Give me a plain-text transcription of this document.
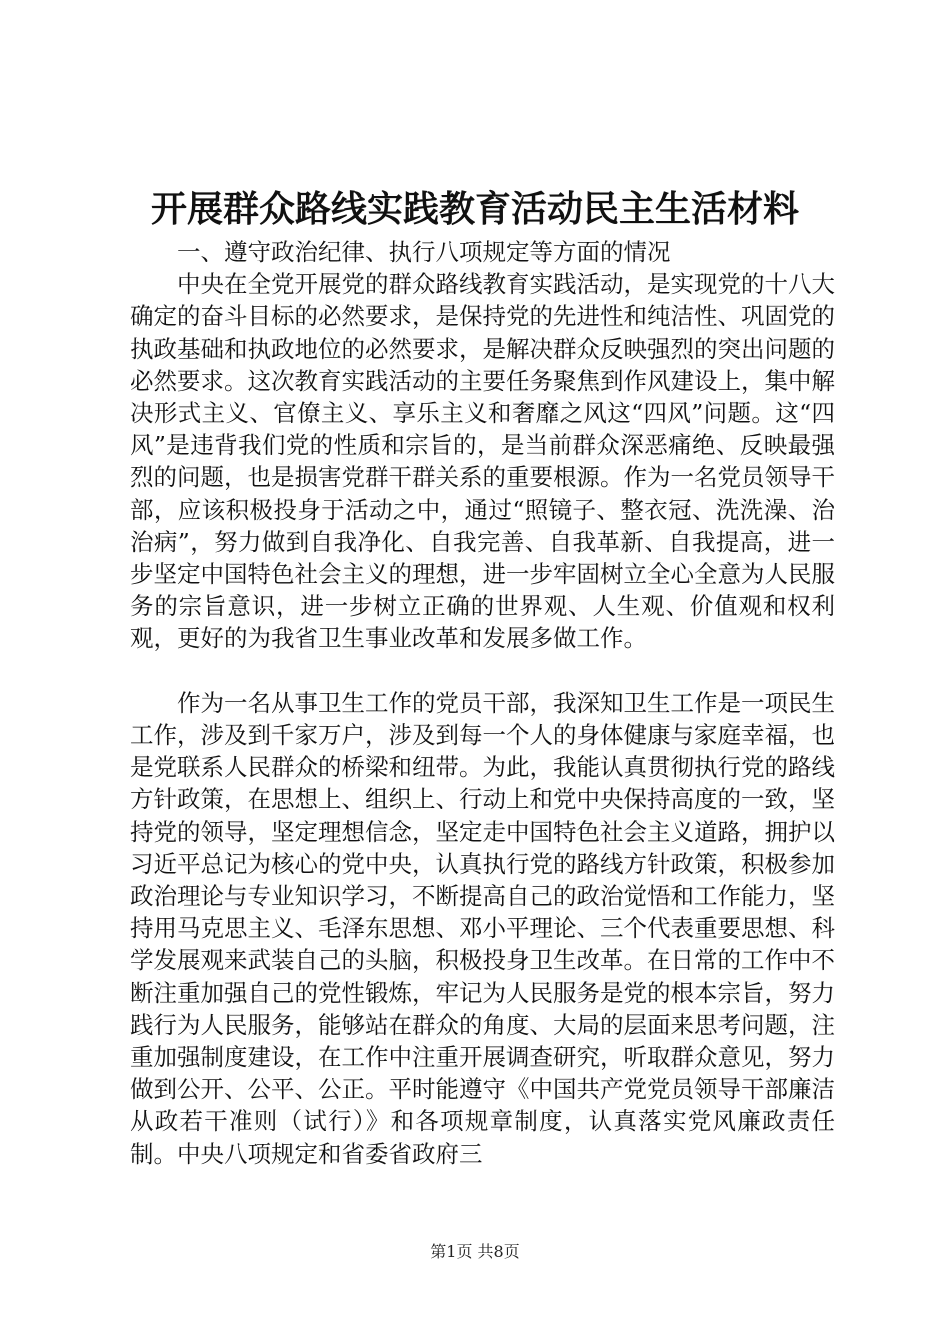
开展群众路线实践教育活动民主生活材料

一、遵守政治纪律、执行八项规定等方面的情况

中央在全党开展党的群众路线教育实践活动，是实现党的十八大确定的奋斗目标的必然要求，是保持党的先进性和纯洁性、巩固党的执政基础和执政地位的必然要求，是解决群众反映强烈的突出问题的必然要求。这次教育实践活动的主要任务聚焦到作风建设上，集中解决形式主义、官僚主义、享乐主义和奢靡之风这“四风”问题。这“四风”是违背我们党的性质和宗旨的，是当前群众深恶痛绝、反映最强烈的问题，也是损害党群干群关系的重要根源。作为一名党员领导干部，应该积极投身于活动之中，通过“照镜子、整衣冠、洗洗澡、治治病”，努力做到自我净化、自我完善、自我革新、自我提高，进一步坚定中国特色社会主义的理想，进一步牢固树立全心全意为人民服务的宗旨意识，进一步树立正确的世界观、人生观、价值观和权利观，更好的为我省卫生事业改革和发展多做工作。

作为一名从事卫生工作的党员干部，我深知卫生工作是一项民生工作，涉及到千家万户，涉及到每一个人的身体健康与家庭幸福，也是党联系人民群众的桥梁和纽带。为此，我能认真贯彻执行党的路线方针政策，在思想上、组织上、行动上和党中央保持高度的一致，坚持党的领导，坚定理想信念，坚定走中国特色社会主义道路，拥护以习近平总记为核心的党中央，认真执行党的路线方针政策，积极参加政治理论与专业知识学习，不断提高自己的政治觉悟和工作能力，坚持用马克思主义、毛泽东思想、邓小平理论、三个代表重要思想、科学发展观来武装自己的头脑，积极投身卫生改革。在日常的工作中不断注重加强自己的党性锻炼，牢记为人民服务是党的根本宗旨，努力践行为人民服务，能够站在群众的角度、大局的层面来思考问题，注重加强制度建设，在工作中注重开展调查研究，听取群众意见，努力做到公开、公平、公正。平时能遵守《中国共产党党员领导干部廉洁从政若干准则（试行）》和各项规章制度，认真落实党风廉政责任制。中央八项规定和省委省政府三

第1页 共8页
